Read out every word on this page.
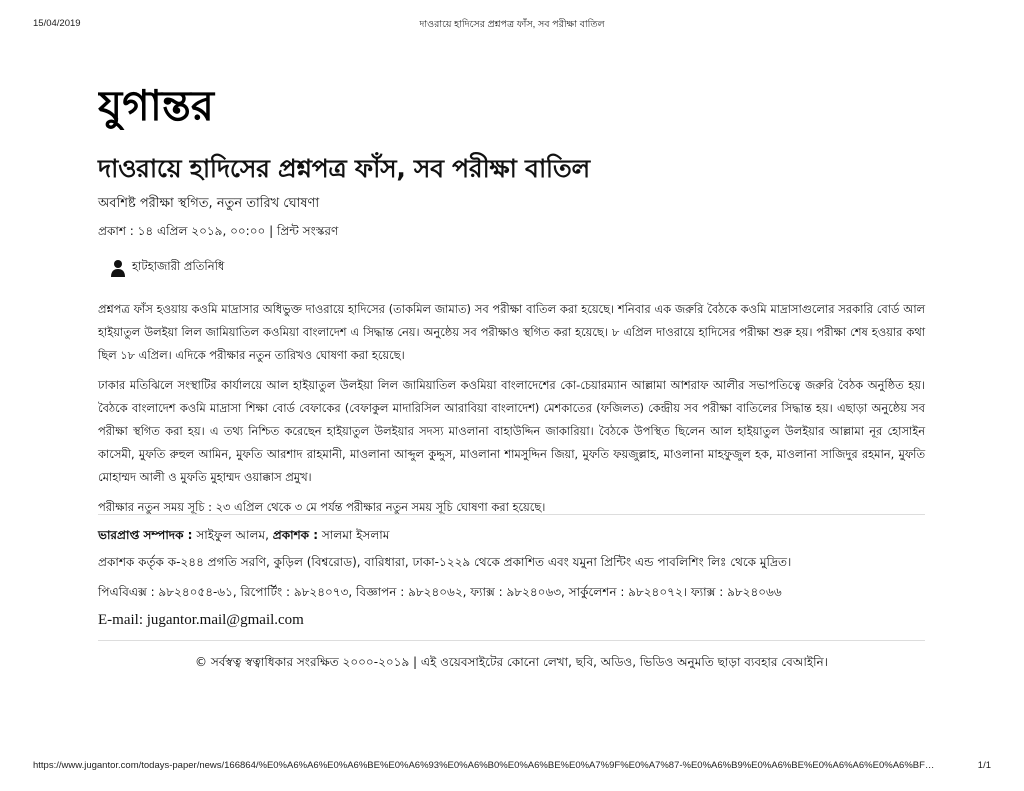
15/04/2019	দাওরায়ে হাদিসের প্রশ্নপত্র ফাঁস, সব পরীক্ষা বাতিল
যুগান্তর
দাওরায়ে হাদিসের প্রশ্নপত্র ফাঁস, সব পরীক্ষা বাতিল
অবশিষ্ট পরীক্ষা স্থগিত, নতুন তারিখ ঘোষণা
প্রকাশ : ১৪ এপ্রিল ২০১৯, ০০:০০ | প্রিন্ট সংস্করণ
হাটহাজারী প্রতিনিধি

প্রশ্নপত্র ফাঁস হওয়ায় কওমি মাদ্রাসার অধিভুক্ত দাওরায়ে হাদিসের (তাকমিল জামাত) সব পরীক্ষা বাতিল করা হয়েছে। শনিবার এক জরুরি বৈঠকে কওমি মাদ্রাসাগুলোর সরকারি বোর্ড আল হাইয়াতুল উলইয়া লিল জামিয়াতিল কওমিয়া বাংলাদেশ এ সিদ্ধান্ত নেয়। অনুষ্ঠেয় সব পরীক্ষাও স্থগিত করা হয়েছে। ৮ এপ্রিল দাওরায়ে হাদিসের পরীক্ষা শুরু হয়। পরীক্ষা শেষ হওয়ার কথা ছিল ১৮ এপ্রিল। এদিকে পরীক্ষার নতুন তারিখও ঘোষণা করা হয়েছে।

ঢাকার মতিঝিলে সংস্থাটির কার্যালয়ে আল হাইয়াতুল উলইয়া লিল জামিয়াতিল কওমিয়া বাংলাদেশের কো-চেয়ারম্যান আল্লামা আশরাফ আলীর সভাপতিত্বে জরুরি বৈঠক অনুষ্ঠিত হয়। বৈঠকে বাংলাদেশ কওমি মাদ্রাসা শিক্ষা বোর্ড বেফাকের (বেফাকুল মাদারিসিল আরাবিয়া বাংলাদেশ) মেশকাতের (ফজিলত) কেন্দ্রীয় সব পরীক্ষা বাতিলের সিদ্ধান্ত হয়। এছাড়া অনুষ্ঠেয় সব পরীক্ষা স্থগিত করা হয়। এ তথ্য নিশ্চিত করেছেন হাইয়াতুল উলইয়ার সদস্য মাওলানা বাহাউদ্দিন জাকারিয়া। বৈঠকে উপস্থিত ছিলেন আল হাইয়াতুল উলইয়ার আল্লামা নূর হোসাইন কাসেমী, মুফতি রুহুল আমিন, মুফতি আরশাদ রাহমানী, মাওলানা আব্দুল কুদ্দুস, মাওলানা শামসুদ্দিন জিয়া, মুফতি ফয়জুল্লাহ, মাওলানা মাহফুজুল হক, মাওলানা সাজিদুর রহমান, মুফতি মোহাম্মদ আলী ও মুফতি মুহাম্মদ ওয়াক্কাস প্রমুখ।

পরীক্ষার নতুন সময় সূচি : ২৩ এপ্রিল থেকে ৩ মে পর্যন্ত পরীক্ষার নতুন সময় সূচি ঘোষণা করা হয়েছে।

ভারপ্রাপ্ত সম্পাদক : সাইফুল আলম, প্রকাশক : সালমা ইসলাম
প্রকাশক কর্তৃক ক-২৪৪ প্রগতি সরণি, কুড়িল (বিশ্বরোড), বারিধারা, ঢাকা-১২২৯ থেকে প্রকাশিত এবং যমুনা প্রিন্টিং এন্ড পাবলিশিং লিঃ থেকে মুদ্রিত।
পিএবিএক্স : ৯৮২৪০৫৪-৬১, রিপোর্টিং : ৯৮২৪০৭৩, বিজ্ঞাপন : ৯৮২৪০৬২, ফ্যাক্স : ৯৮২৪০৬৩, সার্কুলেশন : ৯৮২৪০৭২। ফ্যাক্স : ৯৮২৪০৬৬
E-mail: jugantor.mail@gmail.com
© সর্বস্বত্ব স্বত্বাধিকার সংরক্ষিত ২০০০-২০১৯ | এই ওয়েবসাইটের কোনো লেখা, ছবি, অডিও, ভিডিও অনুমতি ছাড়া ব্যবহার বেআইনি।
https://www.jugantor.com/todays-paper/news/166864/%E0%A6%A6%E0%A6%BE%E0%A6%93%E0%A6%B0%E0%A6%BE%E0%A7%9F%E0%A7%87-%E0%A6%B9%E0%A6%BE%E0%A6%A6%E0%A6%BF…	1/1
